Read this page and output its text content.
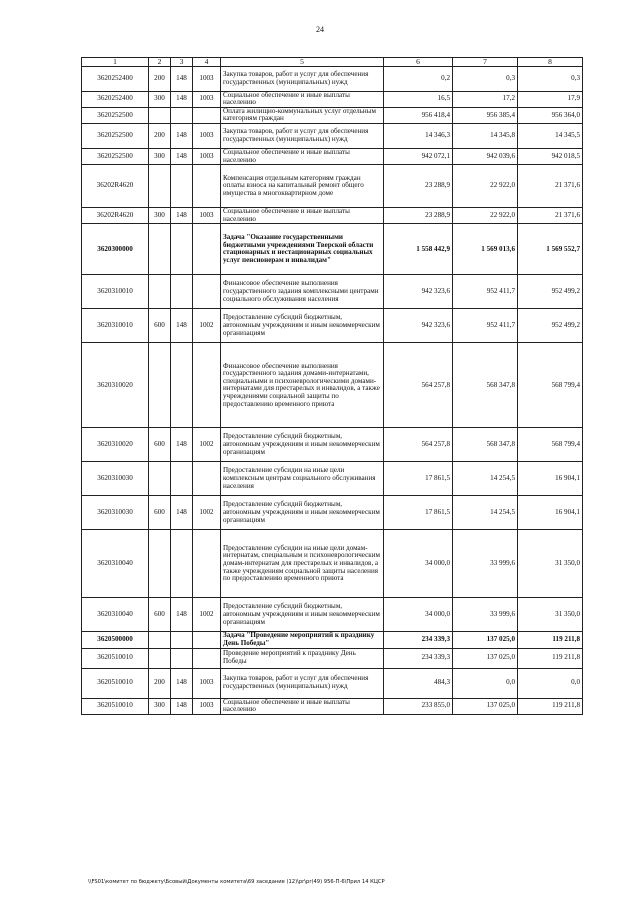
24
1	2	3	4	5	6	7	8
3620252400	200	148	1003	Закупка товаров, работ и услуг для обеспечения государственных (муниципальных) нужд	0,2	0,3	0,3
3620252400	300	148	1003	Социальное обеспечение и иные выплаты населению	16,5	17,2	17,9
3620252500				Оплата жилищно-коммунальных услуг отдельным категориям граждан	956 418,4	956 385,4	956 364,0
3620252500	200	148	1003	Закупка товаров, работ и услуг для обеспечения государственных (муниципальных) нужд	14 346,3	14 345,8	14 345,5
3620252500	300	148	1003	Социальное обеспечение и иные выплаты населению	942 072,1	942 039,6	942 018,5
36202R4620				Компенсация отдельным категориям граждан оплаты взноса на капитальный ремонт общего имущества в многоквартирном доме	23 288,9	22 922,0	21 371,6
36202R4620	300	148	1003	Социальное обеспечение и иные выплаты населению	23 288,9	22 922,0	21 371,6
3620300000				Задача "Оказание государственными бюджетными учреждениями Тверской области стационарных и нестационарных социальных услуг пенсионерам и инвалидам"	1 558 442,9	1 569 013,6	1 569 552,7
3620310010				Финансовое обеспечение выполнения государственного задания комплексными центрами социального обслуживания населения	942 323,6	952 411,7	952 499,2
3620310010	600	148	1002	Предоставление субсидий бюджетным, автономным учреждениям и иным некоммерческим организациям	942 323,6	952 411,7	952 499,2
3620310020				Финансовое обеспечение выполнения государственного задания домами-интернатами, специальными и психоневрологическими домами-интернатами для престарелых и инвалидов, а также учреждениями социальной защиты по предоставлению временного приюта	564 257,8	568 347,8	568 799,4
3620310020	600	148	1002	Предоставление субсидий бюджетным, автономным учреждениям и иным некоммерческим организациям	564 257,8	568 347,8	568 799,4
3620310030				Предоставление субсидии на иные цели комплексным центрам социального обслуживания населения	17 861,5	14 254,5	16 904,1
3620310030	600	148	1002	Предоставление субсидий бюджетным, автономным учреждениям и иным некоммерческим организациям	17 861,5	14 254,5	16 904,1
3620310040				Предоставление субсидии на иные цели домам-интернатам, специальным и психоневрологическим домам-интернатам для престарелых и инвалидов, а также учреждениям социальной защиты населения по предоставлению временного приюта	34 000,0	33 999,6	31 350,0
3620310040	600	148	1002	Предоставление субсидий бюджетным, автономным учреждениям и иным некоммерческим организациям	34 000,0	33 999,6	31 350,0
3620500000				Задача "Проведение мероприятий к празднику День Победы"	234 339,3	137 025,0	119 211,8
3620510010				Проведение мероприятий к празднику День Победы	234 339,3	137 025,0	119 211,8
3620510010	200	148	1003	Закупка товаров, работ и услуг для обеспечения государственных (муниципальных) нужд	484,3	0,0	0,0
3620510010	300	148	1003	Социальное обеспечение и иные выплаты населению	233 855,0	137 025,0	119 211,8
\\FS01\комитет по бюджету\Бсовый\Документы комитета\69 заседание (12)\pr\pr(49) 956-П-6\Прил 14 КЦСР
